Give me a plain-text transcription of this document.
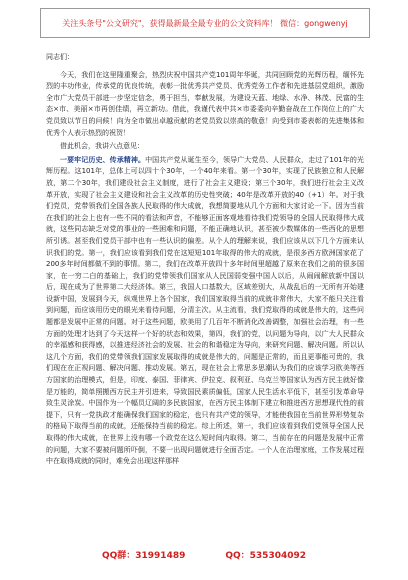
关注头条号"公文研究"，获得最新最全最专业的公文资料库！ 微信：gongwenyj

同志们：

今天，我们在这里隆重聚会，热烈庆祝中国共产党101周年华诞，共同回顾党的光辉历程，缅怀先烈的丰功伟业，传承党的优良传统，表彰一批优秀共产党员、优秀党务工作者和先进基层党组织，激励全市广大党员干部进一步坚定信念，勇于担当，奉献发展，为建设天蓝、地绿、水净、林茂、民富的生态×市、美丽×市再创佳绩，再立新功。借此，我谨代表中共×市委委向辛勤奋战在工作岗位上的广大党员致以节日的问候！向为全市做出卓越贡献的老党员致以崇高的敬意！向受到市委表彰的先进集体和优秀个人表示热烈的祝贺！

借此机会，我讲六点意见：

一要牢记历史、传承精神。中国共产党从诞生至今，领导广大党员、人民群众，走过了101年的光辉历程。这101年，总体上可以四十个30年，一个40年来看。第一个30年，实现了民族独立和人民解放，第二个30年，我们建设社会主义制度，进行了社会主义建设；第三个30年，我们进行社会主义改革开放，实现了社会主义建设和社会主义改革的历史性突破；40年是改革开放的40（+1）年。对于我们党员，党带领我们全国各族人民取得的伟大成就，我想简要地从几个方面和大家讨论一下。因为当前在我们的社会上也有一些不同的看法和声音，不能够正面客观地看待我们党领导的全国人民取得伟大成就，这些同志缺乏对党的事业的一些困难和问题，不能正确地认识，甚至被少数媒体的一些西化的思想所引诱。甚至我们党员干部中也有一些认识的偏差。从个人的理解来说，我们应该从以下几个方面来认识我们的党。第一，我们应该看到我们党在这短短101年取得的伟大的成就，是很多西方欧洲国家花了200多年时间都做不到的事情。第二，我们在改革开放四十多年时间里超越了原来在我们之前的很多国家，在一穷二白的基础上，我们的党带领我们国家从人民国弱变强中国人以后，从闹闹解放新中国以后，现在成为了世界第二大经济体。第三，我国人口基数大，区域差别大，从战乱后的一无所有开始建设新中国，发展到今天，纵观世界上各个国家，我们国家取得当前的成就非常伟大，大家不能只关注看到问题，而应该用历史的眼光来看待问题，分清主次。从主流看，我们党取得的成就是伟大的，这些问题都是发展中正常的问题。对于这些问题，欧美用了几百年不断消化改善调整，加强社会治理，有一些方面的处理才达到了今天这样一个好的状态和效果，第四，我们的党，以问题为导向，以广大人民群众的幸福感和获得感，以推进经济社会的发展、社会的和谐稳定为导向，来研究问题、解决问题。所以认这几个方面，我们的党带领我们国家发展取得的成就是伟大的，问题是正常的，而且更事能可贵的，我们现在在正视问题、解决问题、推动发展。第五，现在社会上常思多思潮认为我们的应该学习欧美等西方国家的治理模式，但是，印度、泰国、菲律宾、伊拉克、叙利亚、乌克兰等国家认为西方民主就好像是万能的，简单照搬西方民主并引进来，导致国民素质偏低，国家人民生活水平低下，甚至引发革命导致生灵涂炭。中国作为一个幅员辽阔的多民族国家，在西方民主体制下建立和推进西方思想现代性的前提下，只有一党执政才能确保我们国家的稳定，也只有共产党的领导，才能使我国在当前世界形势复杂的格局下取得当前的成就，还能保持当前的稳定。综上所述，第一，我们应该看到我们党领导全国人民取得的伟大成就，在世界上没有哪一个政党在这么短时间内取得。第二，当前存在的问题是发展中正常的问题，大家不要被问题所吓倒，不要一出现问题就进行全面否定。一个人在治理家庭，工作发展过程中在取得成就的同时，难免会出现这样那样

QQ群：31991489	QQ：535304092
